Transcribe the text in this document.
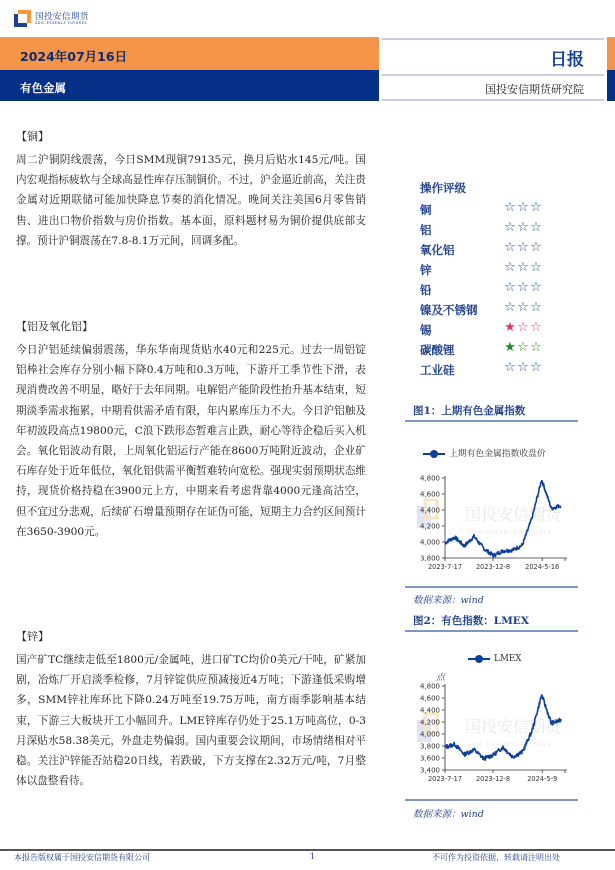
国投安信期货
SDIC ESSENCE FUTURES
2024年07月16日
有色金属
日报
国投安信期货研究院
【铜】
周二沪铜阴线震荡，今日SMM现铜79135元，换月后贴水145元/吨。国内宏观指标疲软与全球高显性库存压制铜价。不过，沪金逼近前高，关注贵金属对近期联储可能加快降息节奏的消化情况。晚间关注美国6月零售销售、进出口物价指数与房价指数。基本面，原料题材易为铜价提供底部支撑。预计沪铜震荡在7.8-8.1万元间，回调多配。
【铝及氧化铝】
今日沪铝延续偏弱震荡，华东华南现货贴水40元和225元。过去一周铝锭铝棒社会库存分别小幅下降0.4万吨和0.3万吨，下游开工季节性下滑，表现消费改善不明显，略好于去年同期。电解铝产能阶段性抬升基本结束，短期淡季需求拖累，中期看供需矛盾有限，年内累库压力不大。今日沪铝触及年初波段高点19800元，C浪下跌形态暂难言止跌，耐心等待企稳后买入机会。氧化铝波动有限，上周氧化铝运行产能在8600万吨附近波动，企业矿石库存处于近年低位，氧化铝供需平衡暂难转向宽松。强现实弱预期状态维持，现货价格持稳在3900元上方，中期来看考虑背靠4000元逢高沽空，但不宜过分悲观，后续矿石增量预期存在证伪可能，短期主力合约区间预计在3650-3900元。
【锌】
国产矿TC继续走低至1800元/金属吨，进口矿TC均价0美元/干吨，矿紧加剧，冶炼厂开启淡季检修，7月锌锭供应预减接近4万吨；下游逢低采购增多，SMM锌社库环比下降0.24万吨至19.75万吨，南方雨季影响基本结束，下游三大板块开工小幅回升。LME锌库存仍处于25.1万吨高位，0-3月深贴水58.38美元，外盘走势偏弱。国内重要会议期间，市场情绪相对平稳。关注沪锌能否站稳20日线，若跌破，下方支撑在2.32万元/吨，7月整体以盘整看待。
操作评级
铜	☆ ☆ ☆
铝	☆ ☆ ☆
氧化铝	☆ ☆ ☆
锌	☆ ☆ ☆
铅	☆ ☆ ☆
镍及不锈钢 ☆ ☆ ☆
锡	★ ☆ ☆
碳酸锂	★ ☆ ☆
工业硅	☆ ☆ ☆
图1：上期有色金属指数
上期有色金属指数收盘价
国投安信期货
SDIC ESSENCE FUTURES
3,800
4,000
4,200
4,400
4,600
4,800
2023-7-17 2023-12-8 2024-5-16
数据来源：wind
图2：有色指数：LMEX
LMEX
点
国投安信期货
SDIC ESSENCE FUTURES
3,400
3,600
3,800
4,000
4,200
4,400
4,600
4,800
2023-7-17 2023-12-8	2024-5-9
数据来源：wind
本报告版权属于国投安信期货有限公司	1	不可作为投资依据，转载请注明出处
